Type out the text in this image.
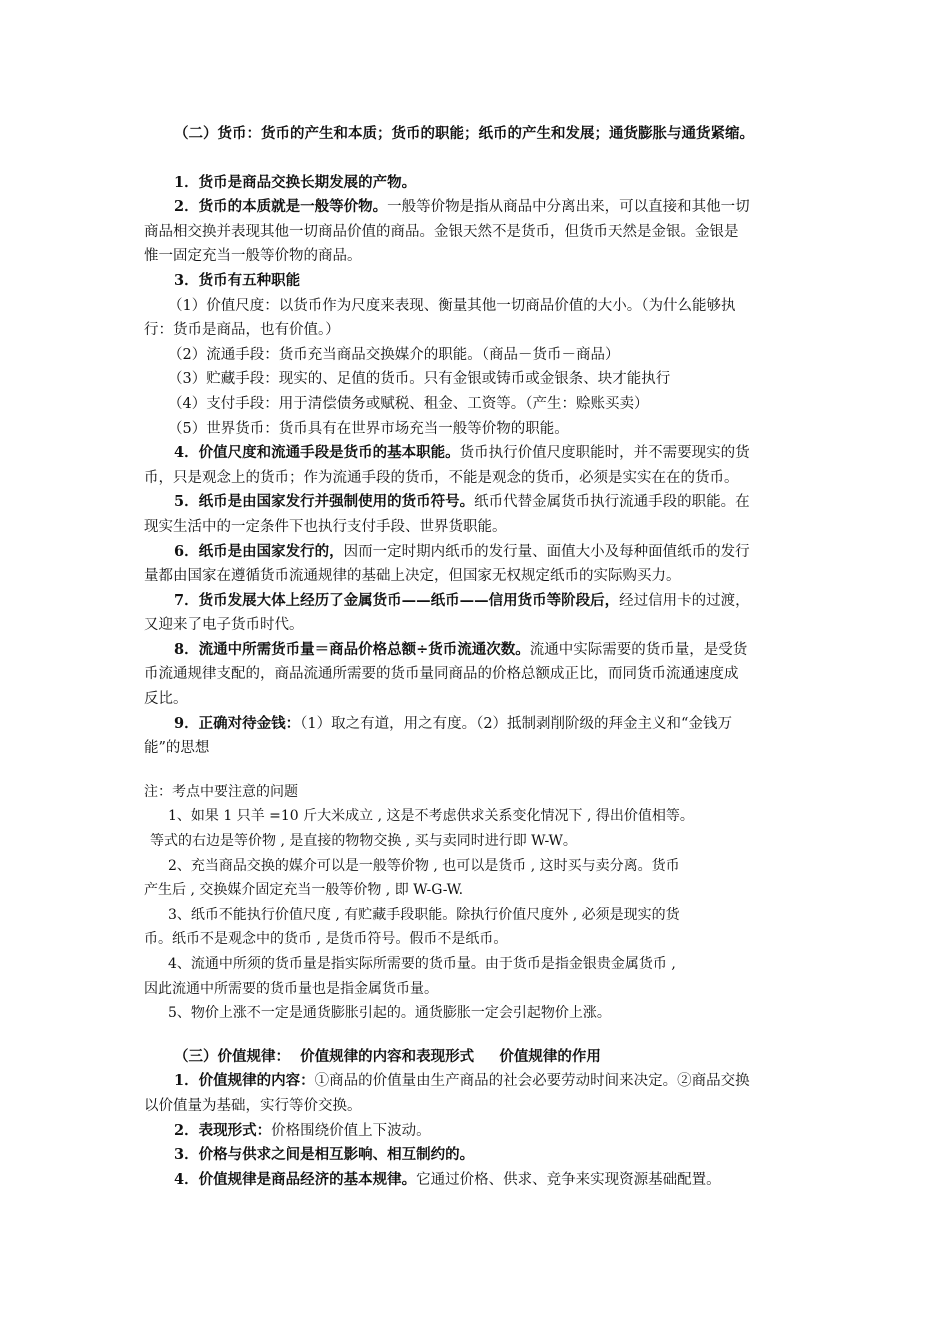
（二）货币：货币的产生和本质；货币的职能；纸币的产生和发展；通货膨胀与通货紧缩。
1．货币是商品交换长期发展的产物。
2．货币的本质就是一般等价物。一般等价物是指从商品中分离出来，可以直接和其他一切
商品相交换并表现其他一切商品价值的商品。金银天然不是货币，但货币天然是金银。金银是
惟一固定充当一般等价物的商品。
3．货币有五种职能
（1）价值尺度：以货币作为尺度来表现、衡量其他一切商品价值的大小。（为什么能够执
行：货币是商品，也有价值。）
（2）流通手段：货币充当商品交换媒介的职能。（商品－货币－商品）
（3）贮藏手段：现实的、足值的货币。只有金银或铸币或金银条、块才能执行
（4）支付手段：用于清偿债务或赋税、租金、工资等。（产生：赊账买卖）
（5）世界货币：货币具有在世界市场充当一般等价物的职能。
4．价值尺度和流通手段是货币的基本职能。货币执行价值尺度职能时，并不需要现实的货
币，只是观念上的货币；作为流通手段的货币，不能是观念的货币，必须是实实在在的货币。
5．纸币是由国家发行并强制使用的货币符号。纸币代替金属货币执行流通手段的职能。在
现实生活中的一定条件下也执行支付手段、世界货职能。
6．纸币是由国家发行的，因而一定时期内纸币的发行量、面值大小及每种面值纸币的发行
量都由国家在遵循货币流通规律的基础上决定，但国家无权规定纸币的实际购买力。
7．货币发展大体上经历了金属货币——纸币——信用货币等阶段后，经过信用卡的过渡，
又迎来了电子货币时代。
8．流通中所需货币量＝商品价格总额÷货币流通次数。流通中实际需要的货币量，是受货
币流通规律支配的，商品流通所需要的货币量同商品的价格总额成正比，而同货币流通速度成
反比。
9．正确对待金钱：（1）取之有道，用之有度。（2）抵制剥削阶级的拜金主义和“金钱万
能”的思想
注：考点中要注意的问题
1、如果 1 只羊 =10 斤大米成立 , 这是不考虑供求关系变化情况下 , 得出价值相等。
等式的右边是等价物 , 是直接的物物交换 , 买与卖同时进行即 W-W。
2、充当商品交换的媒介可以是一般等价物 , 也可以是货币 , 这时买与卖分离。货币
产生后 , 交换媒介固定充当一般等价物 , 即 W-G-W.
3、纸币不能执行价值尺度 , 有贮藏手段职能。除执行价值尺度外 , 必须是现实的货
币。纸币不是观念中的货币 , 是货币符号。假币不是纸币。
4、流通中所须的货币量是指实际所需要的货币量。由于货币是指金银贵金属货币 ,
因此流通中所需要的货币量也是指金属货币量。
5、物价上涨不一定是通货膨胀引起的。通货膨胀一定会引起物价上涨。
（三）价值规律：  价值规律的内容和表现形式     价值规律的作用
1．价值规律的内容：①商品的价值量由生产商品的社会必要劳动时间来决定。②商品交换
以价值量为基础，实行等价交换。
2．表现形式：价格围绕价值上下波动。
3．价格与供求之间是相互影响、相互制约的。
4．价值规律是商品经济的基本规律。它通过价格、供求、竞争来实现资源基础配置。
